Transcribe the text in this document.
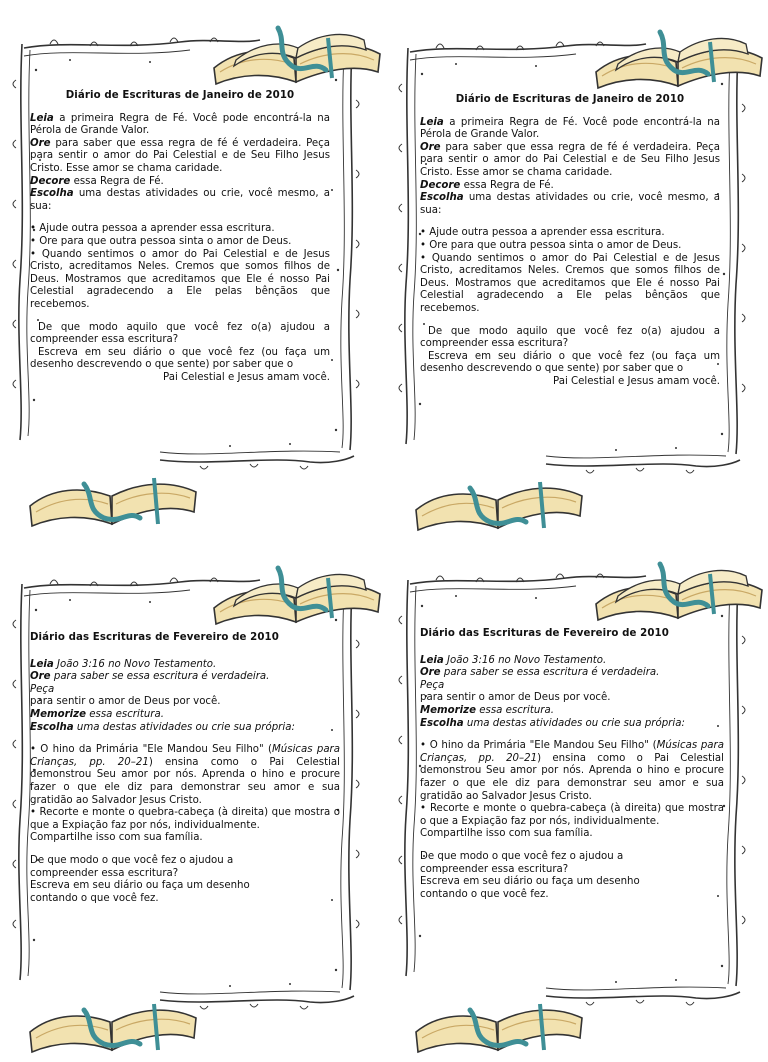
Diário de Escrituras de Janeiro de 2010

Leia a primeira Regra de Fé. Você pode encontrá-la na Pérola de Grande Valor.

Ore para saber que essa regra de fé é verdadeira. Peça para sentir o amor do Pai Celestial e de Seu Filho Jesus Cristo. Esse amor se chama caridade.

Decore essa Regra de Fé.

Escolha uma destas atividades ou crie, você mesmo, a sua:

• Ajude outra pessoa a aprender essa escritura.

• Ore para que outra pessoa sinta o amor de Deus.

• Quando sentimos o amor do Pai Celestial e de Jesus Cristo, acreditamos Neles. Cremos que somos filhos de Deus. Mostramos que acreditamos que Ele é nosso Pai Celestial agradecendo a Ele pelas bênçãos que recebemos.

De que modo aquilo que você fez o(a) ajudou a compreender essa escritura?

Escreva em seu diário o que você fez (ou faça um desenho descrevendo o que sente) por saber que o

Pai Celestial e Jesus amam você.

Diário de Escrituras de Janeiro de 2010

Leia a primeira Regra de Fé. Você pode encontrá-la na Pérola de Grande Valor.

Ore para saber que essa regra de fé é verdadeira. Peça para sentir o amor do Pai Celestial e de Seu Filho Jesus Cristo. Esse amor se chama caridade.

Decore essa Regra de Fé.

Escolha uma destas atividades ou crie, você mesmo, a sua:

• Ajude outra pessoa a aprender essa escritura.

• Ore para que outra pessoa sinta o amor de Deus.

• Quando sentimos o amor do Pai Celestial e de Jesus Cristo, acreditamos Neles. Cremos que somos filhos de Deus. Mostramos que acreditamos que Ele é nosso Pai Celestial agradecendo a Ele pelas bênçãos que recebemos.

De que modo aquilo que você fez o(a) ajudou a compreender essa escritura?

Escreva em seu diário o que você fez (ou faça um desenho descrevendo o que sente) por saber que o

Pai Celestial e Jesus amam você.

Diário das Escrituras de Fevereiro de 2010

Leia João 3:16 no Novo Testamento.

Ore para saber se essa escritura é verdadeira.

Peça

para sentir o amor de Deus por você.

Memorize essa escritura.

Escolha uma destas atividades ou crie sua própria:

• O hino da Primária "Ele Mandou Seu Filho" (Músicas para Crianças, pp. 20–21) ensina como o Pai Celestial demonstrou Seu amor por nós. Aprenda o hino e procure fazer o que ele diz para demonstrar seu amor e sua gratidão ao Salvador Jesus Cristo.

• Recorte e monte o quebra-cabeça (à direita) que mostra o que a Expiação faz por nós, individualmente.

Compartilhe isso com sua família.

De que modo o que você fez o ajudou a compreender essa escritura?

Escreva em seu diário ou faça um desenho contando o que você fez.

Diário das Escrituras de Fevereiro de 2010

Leia João 3:16 no Novo Testamento.

Ore para saber se essa escritura é verdadeira.

Peça

para sentir o amor de Deus por você.

Memorize essa escritura.

Escolha uma destas atividades ou crie sua própria:

• O hino da Primária "Ele Mandou Seu Filho" (Músicas para Crianças, pp. 20–21) ensina como o Pai Celestial demonstrou Seu amor por nós. Aprenda o hino e procure fazer o que ele diz para demonstrar seu amor e sua gratidão ao Salvador Jesus Cristo.

• Recorte e monte o quebra-cabeça (à direita) que mostra o que a Expiação faz por nós, individualmente.

Compartilhe isso com sua família.

De que modo o que você fez o ajudou a compreender essa escritura?

Escreva em seu diário ou faça um desenho contando o que você fez.
